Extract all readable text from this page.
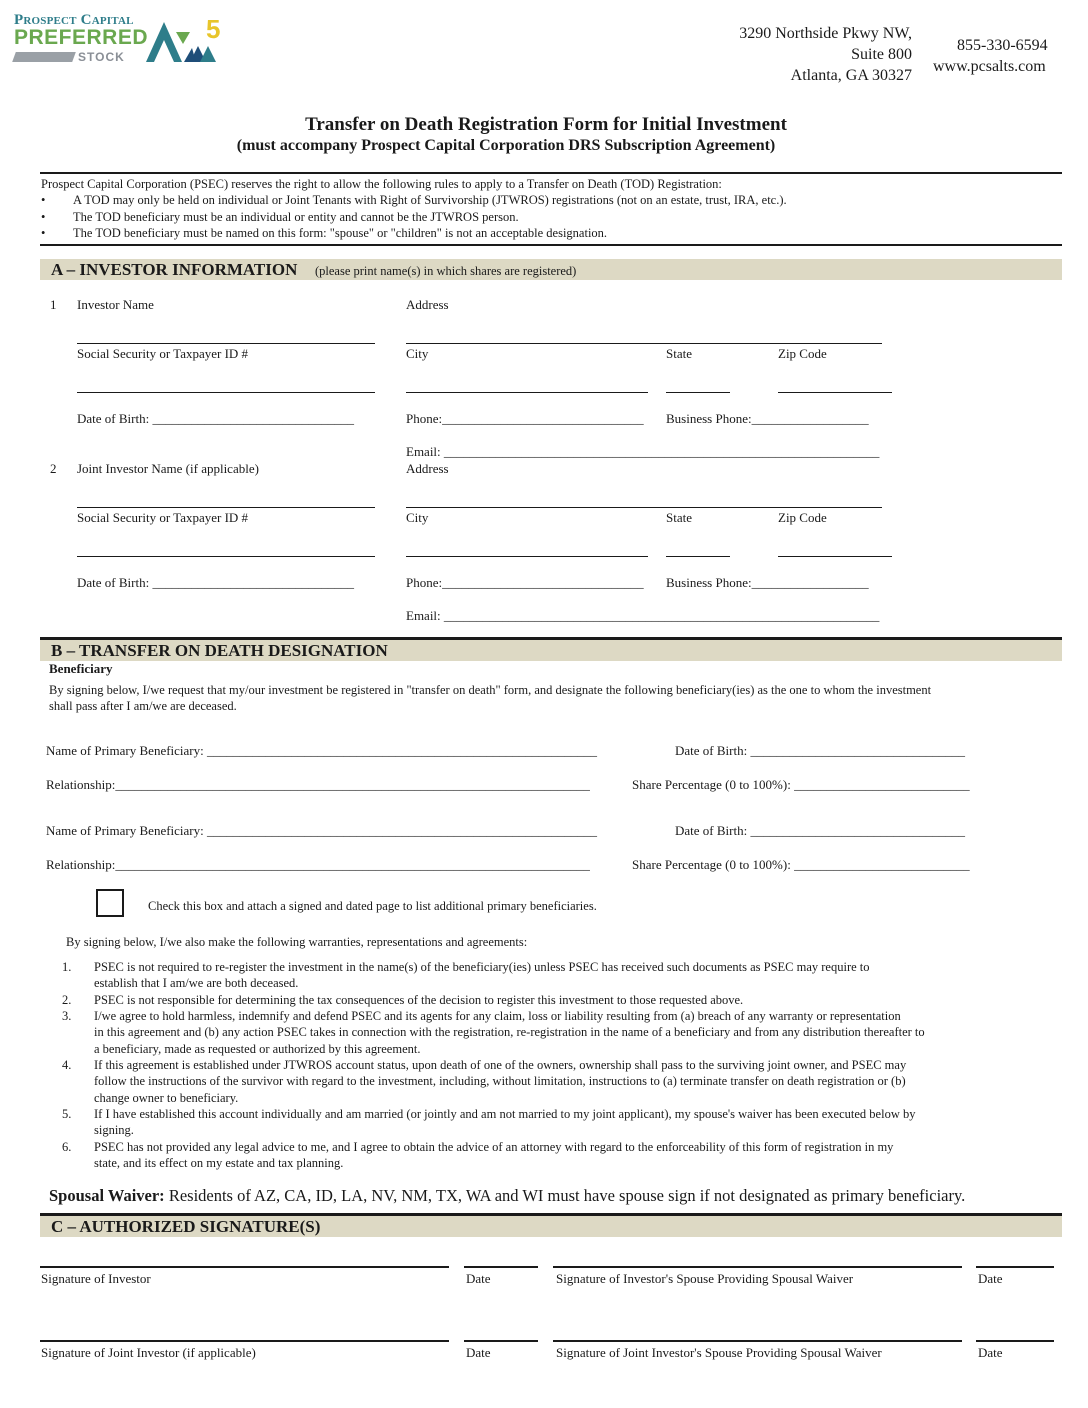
Prospect Capital
PREFERRED
STOCK
5	3290 Northside Pkwy NW,
Suite 800
Atlanta, GA 30327
855-330-6594
www.pcsalts.com
Transfer on Death Registration Form for Initial Investment
(must accompany Prospect Capital Corporation DRS Subscription Agreement)
Prospect Capital Corporation (PSEC) reserves the right to allow the following rules to apply to a Transfer on Death (TOD) Registration:
• A TOD may only be held on individual or Joint Tenants with Right of Survivorship (JTWROS) registrations (not on an estate, trust, IRA, etc.).
• The TOD beneficiary must be an individual or entity and cannot be the JTWROS person.
• The TOD beneficiary must be named on this form: "spouse" or "children" is not an acceptable designation.
A – INVESTOR INFORMATION (please print name(s) in which shares are registered)
1 Investor Name	Address
Social Security or Taxpayer ID #	City	State	Zip Code
Date of Birth: _______________________________	Phone:_______________________________ Business Phone:__________________
Email: ___________________________________________________________________
2 Joint Investor Name (if applicable)	Address
Social Security or Taxpayer ID #	City	State	Zip Code
Date of Birth: _______________________________	Phone:_______________________________ Business Phone:__________________
Email: ___________________________________________________________________
B – TRANSFER ON DEATH DESIGNATION
Beneficiary
By signing below, I/we request that my/our investment be registered in "transfer on death" form, and designate the following beneficiary(ies) as the one to whom the investment
shall pass after I am/we are deceased.
Name of Primary Beneficiary: ____________________________________________________________	Date of Birth: _________________________________
Relationship:_________________________________________________________________________	Share Percentage (0 to 100%): ___________________________
Name of Primary Beneficiary: ____________________________________________________________	Date of Birth: _________________________________
Relationship:_________________________________________________________________________	Share Percentage (0 to 100%): ___________________________
Check this box and attach a signed and dated page to list additional primary beneficiaries.
By signing below, I/we also make the following warranties, representations and agreements:
1. PSEC is not required to re-register the investment in the name(s) of the beneficiary(ies) unless PSEC has received such documents as PSEC may require to
establish that I am/we are both deceased.
2. PSEC is not responsible for determining the tax consequences of the decision to register this investment to those requested above.
3. I/we agree to hold harmless, indemnify and defend PSEC and its agents for any claim, loss or liability resulting from (a) breach of any warranty or representation
in this agreement and (b) any action PSEC takes in connection with the registration, re-registration in the name of a beneficiary and from any distribution thereafter to
a beneficiary, made as requested or authorized by this agreement.
4. If this agreement is established under JTWROS account status, upon death of one of the owners, ownership shall pass to the surviving joint owner, and PSEC may
follow the instructions of the survivor with regard to the investment, including, without limitation, instructions to (a) terminate transfer on death registration or (b)
change owner to beneficiary.
5. If I have established this account individually and am married (or jointly and am not married to my joint applicant), my spouse's waiver has been executed below by
signing.
6. PSEC has not provided any legal advice to me, and I agree to obtain the advice of an attorney with regard to the enforceability of this form of registration in my
state, and its effect on my estate and tax planning.
Spousal Waiver: Residents of AZ, CA, ID, LA, NV, NM, TX, WA and WI must have spouse sign if not designated as primary beneficiary.
C – AUTHORIZED SIGNATURE(S)
Signature of Investor	Date	Signature of Investor's Spouse Providing Spousal Waiver	Date
Signature of Joint Investor (if applicable)	Date	Signature of Joint Investor's Spouse Providing Spousal Waiver	Date
